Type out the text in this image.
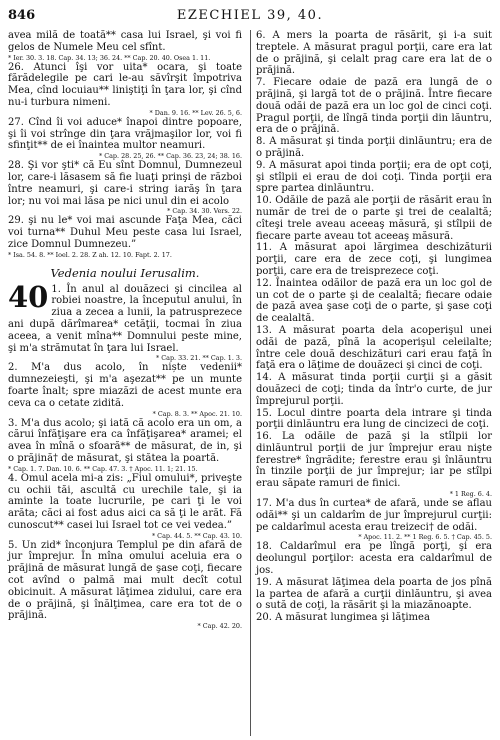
846	EZECHIEL 39, 40.

avea milă de toată** casa lui Israel, şi voi fi gelos de Numele Meu cel sfînt.

* Ier. 30. 3. 18. Cap. 34. 13; 36. 24. ** Cap. 20. 40. Osea 1. 11.

26. Atunci îşi vor uita* ocara, şi toate fărădelegile pe cari le-au săvîrşit împotriva Mea, cînd locuiau** liniştiţi în ţara lor, şi cînd nu-i turbura nimeni.

* Dan. 9. 16. ** Lev. 26. 5, 6.

27. Cînd îi voi aduce* înapoi dintre popoare, şi îi voi strînge din ţara vrăjmaşilor lor, voi fi sfinţit** de ei înaintea multor neamuri.

* Cap. 28. 25, 26. ** Cap. 36. 23, 24; 38. 16.

28. Şi vor şti* că Eu sînt Domnul, Dumnezeul lor, care-i lăsasem să fie luaţi prinşi de război între neamuri, şi care-i string iarăş în ţara lor; nu voi mai lăsa pe nici unul din ei acolo

* Cap. 34. 30. Vers. 22.

29. şi nu le* voi mai ascunde Faţa Mea, căci voi turna** Duhul Meu peste casa lui Israel, zice Domnul Dumnezeu.”

* Isa. 54. 8. ** Ioel. 2. 28. Z ah. 12. 10. Fapt. 2. 17.
Vedenia noului Ierusalim.

40 1. În anul al douăzeci şi cincilea al robiei noastre, la începutul anului, în ziua a zecea a lunii, la patrusprezece ani după dărîmarea* cetăţii, tocmai în ziua aceea, a venit mîna** Domnului peste mine, şi m'a strămutat în ţara lui Israel.

* Cap. 33. 21. ** Cap. 1. 3.

2. M'a dus acolo, în niște vedenii* dumnezeieşti, şi m'a aşezat** pe un munte foarte înalt; spre miazăzi de acest munte era ceva ca o cetate zidită.

* Cap. 8. 3. ** Apoc. 21. 10.

3. M'a dus acolo; şi iată că acolo era un om, a cărui înfăţişare era ca înfăţişarea* aramei; el avea în mînă o sfoară** de măsurat, de in, şi o prăjină† de măsurat, şi stătea la poartă.

* Cap. 1. 7. Dan. 10. 6. ** Cap. 47. 3. † Apoc. 11. 1; 21. 15.

4. Omul acela mi-a zis: „Fiul omului*, priveşte cu ochii tăi, ascultă cu urechile tale, şi ia aminte la toate lucrurile, pe cari ţi le voi arăta; căci ai fost adus aici ca să ţi le arăt. Fă cunoscut** casei lui Israel tot ce vei vedea.”

* Cap. 44. 5. ** Cap. 43. 10.

5. Un zid* înconjura Templul pe din afară de jur împrejur. În mîna omului aceluia era o prăjină de măsurat lungă de şase coţi, fiecare cot avînd o palmă mai mult decît cotul obicinuit. A măsurat lăţimea zidului, care era de o prăjină, şi înălţimea, care era tot de o prăjină.

* Cap. 42. 20.

6. A mers la poarta de răsărit, şi i-a suit treptele. A măsurat pragul porţii, care era lat de o prăjină, şi celalt prag care era lat de o prăjină.

7. Fiecare odaie de pază era lungă de o prăjină, şi largă tot de o prăjină. Între fiecare două odăi de pază era un loc gol de cinci coţi. Pragul porţii, de lîngă tinda porţii din lăuntru, era de o prăjină.

8. A măsurat şi tinda porţii dinlăuntru; era de o prăjină.

9. A măsurat apoi tinda porţii; era de opt coţi, şi stîlpii ei erau de doi coţi. Tinda porţii era spre partea dinlăuntru.

10. Odăile de pază ale porţii de răsărit erau în număr de trei de o parte şi trei de cealaltă; cîteşi trele aveau aceeaş măsură, şi stîlpii de fiecare parte aveau tot aceeaş măsură.

11. A măsurat apoi lărgimea deschizăturii porţii, care era de zece coţi, şi lungimea porţii, care era de treisprezece coţi.

12. Înaintea odăilor de pază era un loc gol de un cot de o parte şi de cealaltă; fiecare odaie de pază avea şase coţi de o parte, şi şase coţi de cealaltă.

13. A măsurat poarta dela acoperişul unei odăi de pază, pînă la acoperişul celeilalte; între cele două deschizături cari erau faţă în faţă era o lăţime de douăzeci şi cinci de coţi.

14. A măsurat tinda porţii curţii şi a găsit douăzeci de coţi; tinda da într'o curte, de jur împrejurul porţii.

15. Locul dintre poarta dela intrare şi tinda porţii dinlăuntru era lung de cincizeci de coţi.

16. La odăile de pază şi la stîlpii lor dinlăuntrul porţii de jur împrejur erau nişte ferestre* îngrădite; ferestre erau şi înlăuntru în tinzile porţii de jur împrejur; iar pe stîlpi erau săpate ramuri de finici.

* 1 Reg. 6. 4.

17. M'a dus în curtea* de afară, unde se aflau odăi** şi un caldarîm de jur împrejurul curţii: pe caldarîmul acesta erau treizeci† de odăi.

* Apoc. 11. 2. ** 1 Reg. 6. 5. † Cap. 45. 5.

18. Caldarîmul era pe lîngă porţi, şi era deolungul porţilor: acesta era caldarîmul de jos.

19. A măsurat lăţimea dela poarta de jos pînă la partea de afară a curţii dinlăuntru, şi avea o sută de coţi, la răsărit şi la miazănoapte.

20. A măsurat lungimea şi lăţimea
